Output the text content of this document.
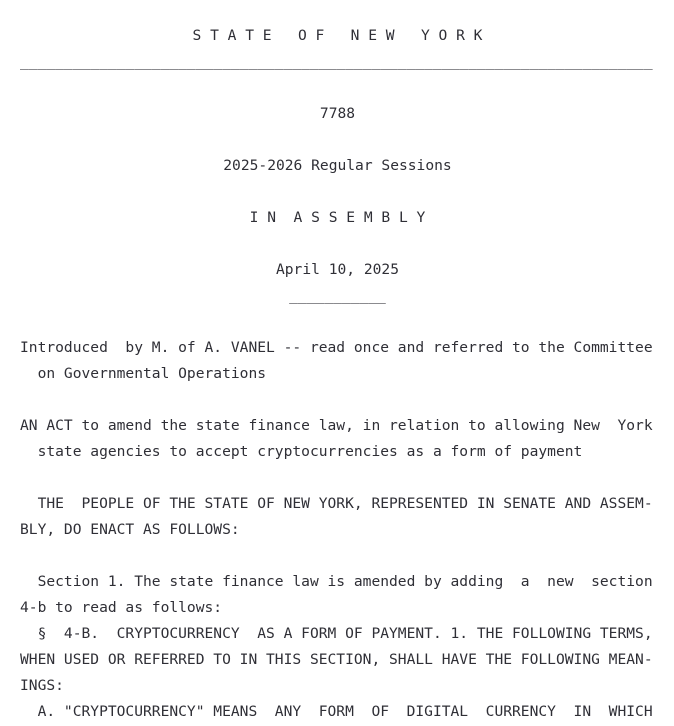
S T A T E   O F   N E W   Y O R K
________________________________________________________________________
7788
2025-2026 Regular Sessions
I N  A S S E M B L Y
April 10, 2025
___________
Introduced  by M. of A. VANEL -- read once and referred to the Committee
on Governmental Operations
AN ACT to amend the state finance law, in relation to allowing New  York
state agencies to accept cryptocurrencies as a form of payment
THE  PEOPLE OF THE STATE OF NEW YORK, REPRESENTED IN SENATE AND ASSEM-
BLY, DO ENACT AS FOLLOWS:
Section 1. The state finance law is amended by adding  a  new  section
4-b to read as follows:
§  4-B.  CRYPTOCURRENCY  AS A FORM OF PAYMENT. 1. THE FOLLOWING TERMS,
WHEN USED OR REFERRED TO IN THIS SECTION, SHALL HAVE THE FOLLOWING MEAN-
INGS:
A. "CRYPTOCURRENCY" MEANS  ANY  FORM  OF  DIGITAL  CURRENCY  IN  WHICH
